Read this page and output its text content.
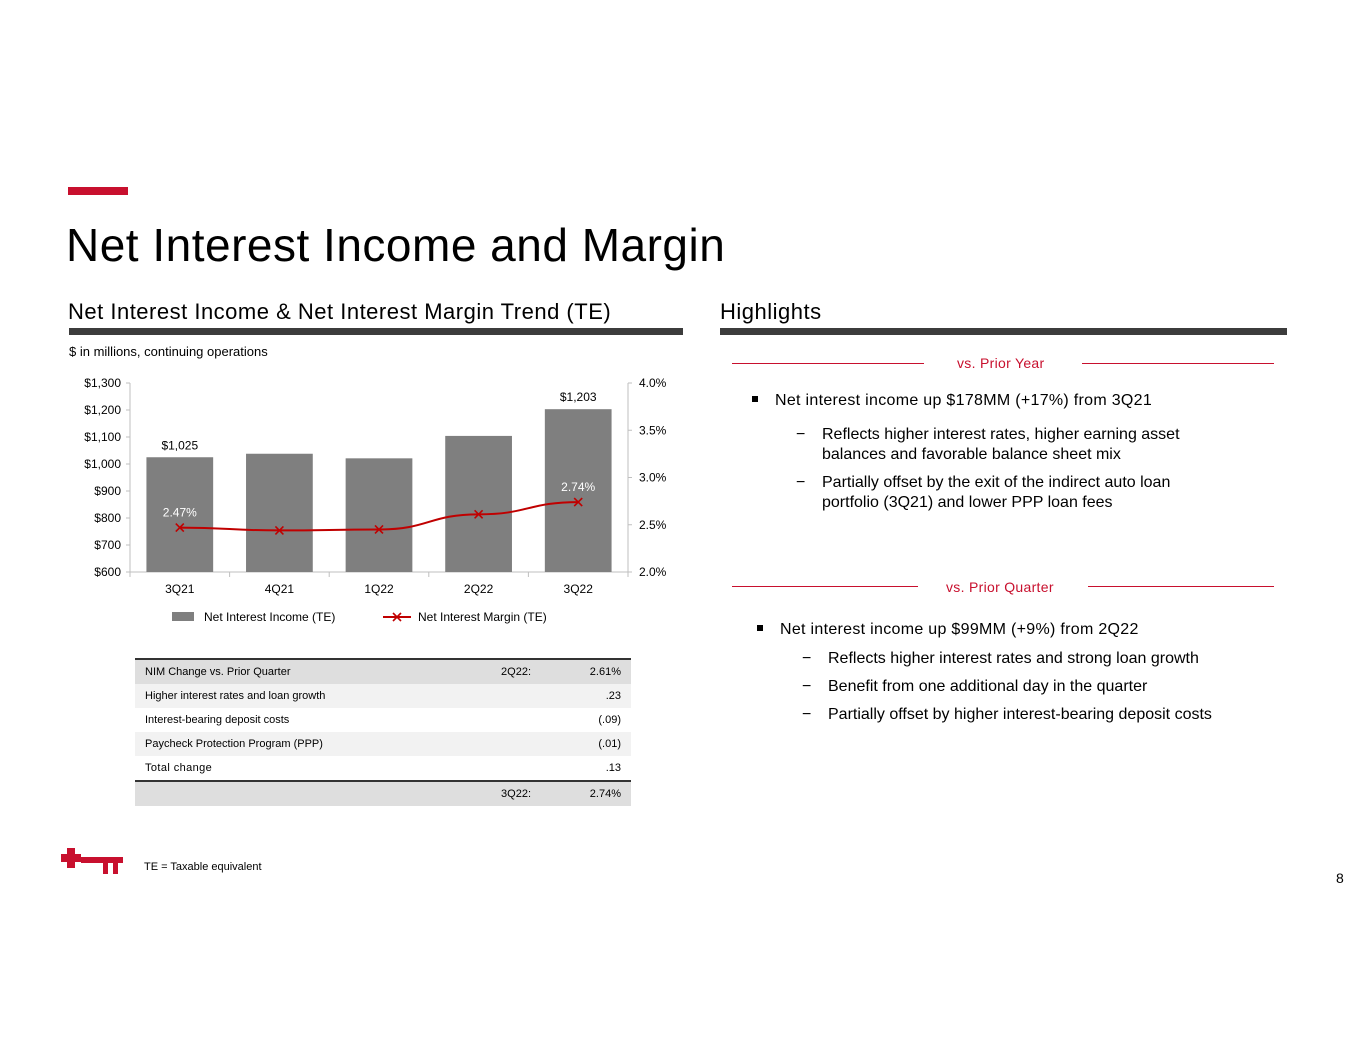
Net Interest Income and Margin
Net Interest Income & Net Interest Margin Trend (TE)
$ in millions, continuing operations
$600
$700
$800
$900
$1,000
$1,100
$1,200
$1,300
2.0%
2.5%
3.0%
3.5%
4.0%
3Q21	4Q21	1Q22	2Q22	3Q22
$1,025
$1,203
2.47%
2.74%
Net Interest Income (TE)	Net Interest Margin (TE)
NIM Change vs. Prior Quarter	2Q22:	2.61%
Higher interest rates and loan growth		.23
Interest-bearing deposit costs		(.09)
Paycheck Protection Program (PPP)		(.01)
Total change		.13
	3Q22:	2.74%
Highlights
vs. Prior Year
Net interest income up $178MM (+17%) from 3Q21
− Reflects higher interest rates, higher earning asset
balances and favorable balance sheet mix
− Partially offset by the exit of the indirect auto loan
portfolio (3Q21) and lower PPP loan fees
vs. Prior Quarter
Net interest income up $99MM (+9%) from 2Q22
− Reflects higher interest rates and strong loan growth
− Benefit from one additional day in the quarter
− Partially offset by higher interest-bearing deposit costs
TE = Taxable equivalent
8
